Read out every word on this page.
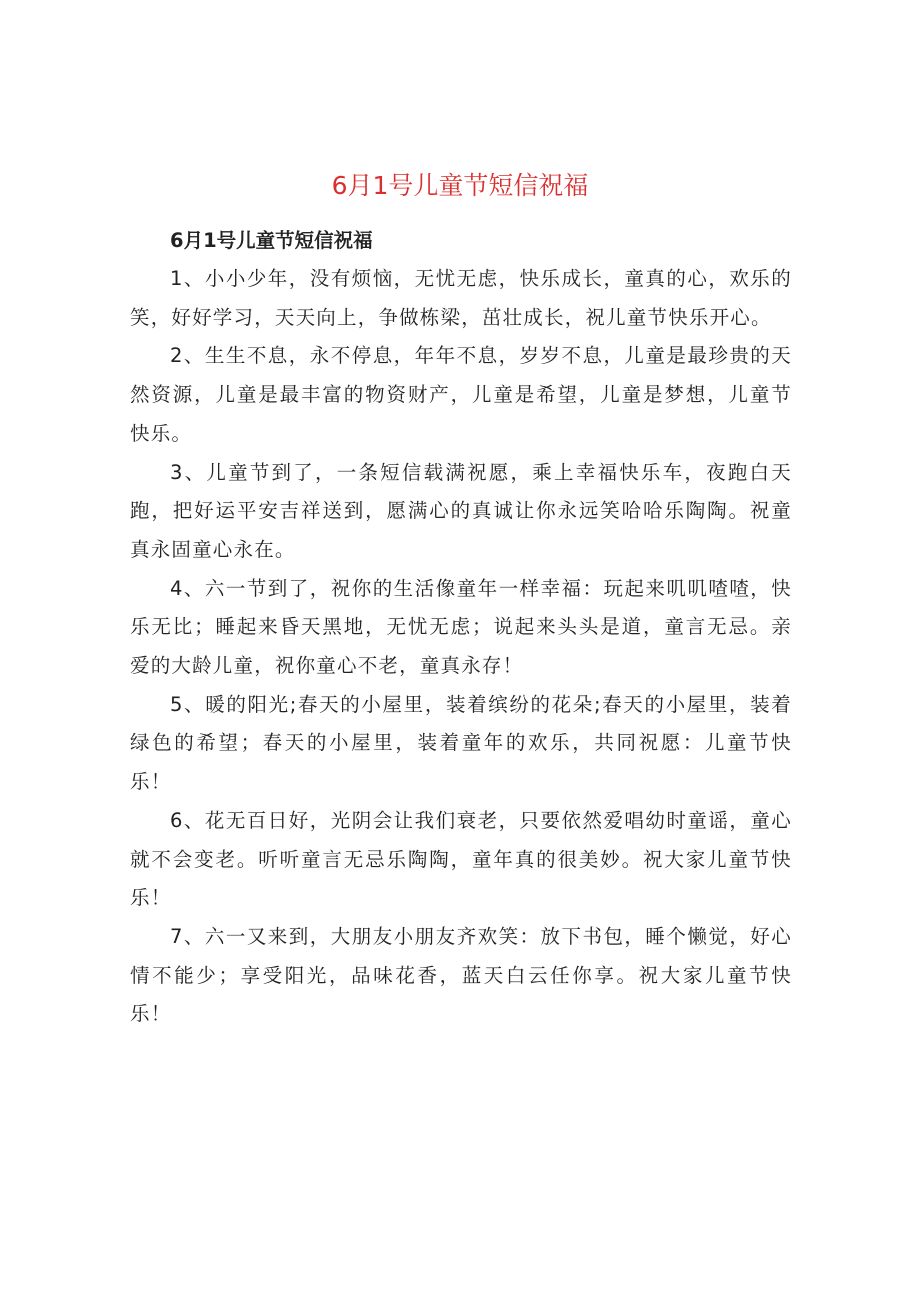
6月1号儿童节短信祝福

6月1号儿童节短信祝福

1、小小少年，没有烦恼，无忧无虑，快乐成长，童真的心，欢乐的笑，好好学习，天天向上，争做栋梁，茁壮成长，祝儿童节快乐开心。

2、生生不息，永不停息，年年不息，岁岁不息，儿童是最珍贵的天然资源，儿童是最丰富的物资财产，儿童是希望，儿童是梦想，儿童节快乐。

3、儿童节到了，一条短信载满祝愿，乘上幸福快乐车，夜跑白天跑，把好运平安吉祥送到，愿满心的真诚让你永远笑哈哈乐陶陶。祝童真永固童心永在。

4、六一节到了，祝你的生活像童年一样幸福：玩起来叽叽喳喳，快乐无比；睡起来昏天黑地，无忧无虑；说起来头头是道，童言无忌。亲爱的大龄儿童，祝你童心不老，童真永存！

5、暖的阳光;春天的小屋里，装着缤纷的花朵;春天的小屋里，装着绿色的希望；春天的小屋里，装着童年的欢乐，共同祝愿：儿童节快乐！

6、花无百日好，光阴会让我们衰老，只要依然爱唱幼时童谣，童心就不会变老。听听童言无忌乐陶陶，童年真的很美妙。祝大家儿童节快乐！

7、六一又来到，大朋友小朋友齐欢笑：放下书包，睡个懒觉，好心情不能少；享受阳光，品味花香，蓝天白云任你享。祝大家儿童节快乐！
